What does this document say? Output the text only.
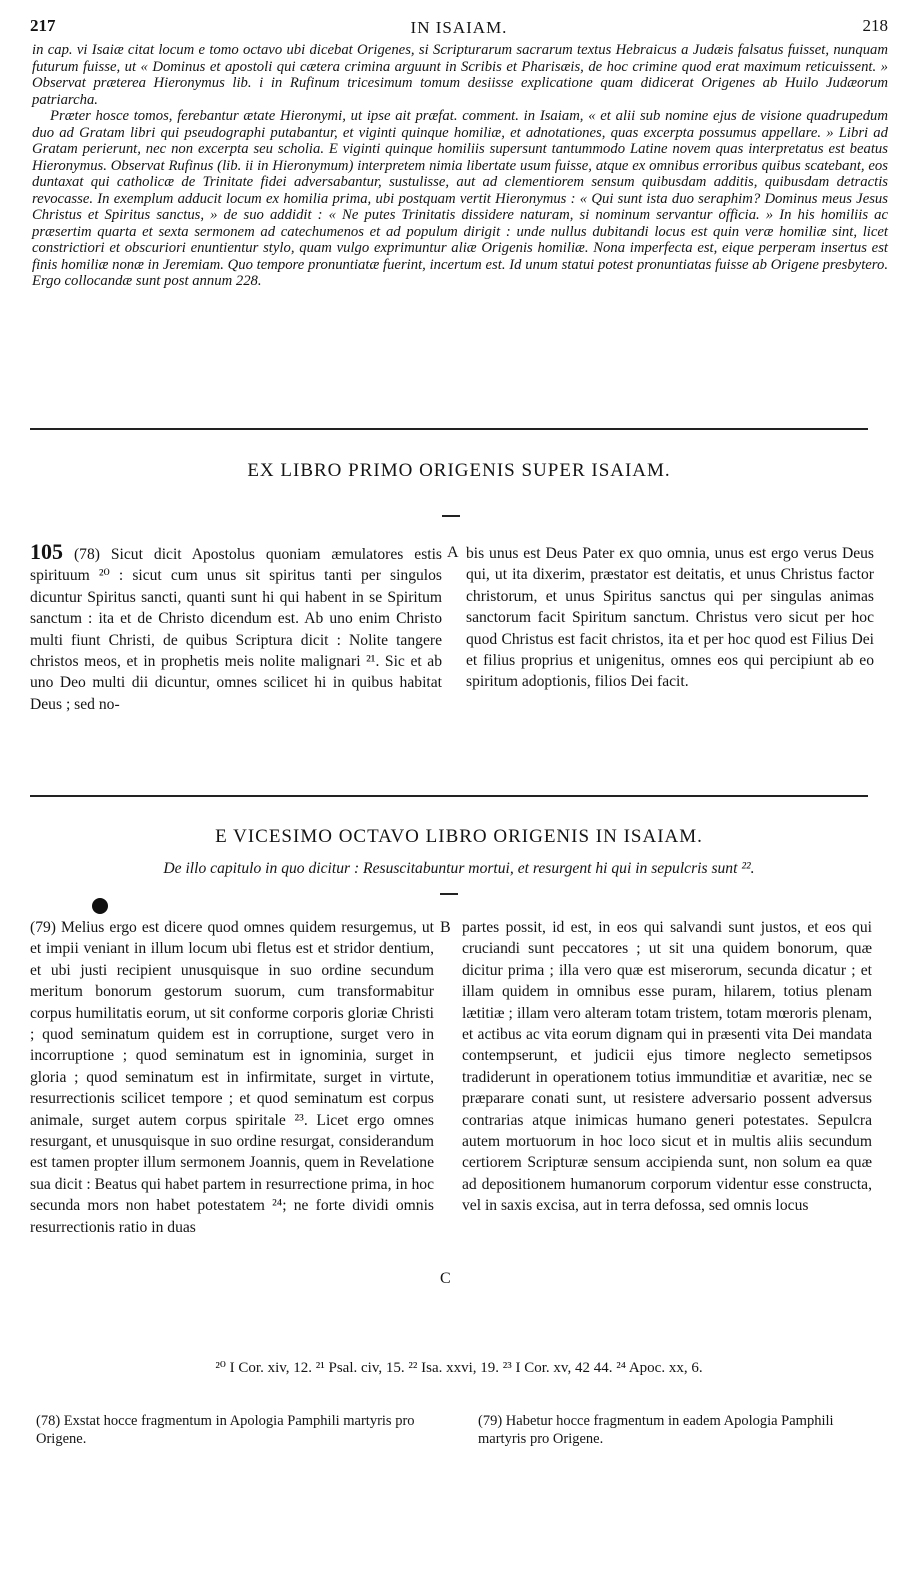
217	IN ISAIAM.	218

in cap. vi Isaiæ citat locum e tomo octavo ubi dicebat Origenes, si Scripturarum sacrarum textus Hebraicus a Judæis falsatus fuisset, nunquam futurum fuisse, ut « Dominus et apostoli qui cætera crimina arguunt in Scribis et Pharisæis, de hoc crimine quod erat maximum reticuissent. » Observat præterea Hieronymus lib. i in Rufinum tricesimum tomum desiisse explicatione quam didicerat Origenes ab Huilo Judæorum patriarcha.

Præter hosce tomos, ferebantur ætate Hieronymi, ut ipse ait præfat. comment. in Isaiam, « et alii sub nomine ejus de visione quadrupedum duo ad Gratam libri qui pseudographi putabantur, et viginti quinque homiliæ, et adnotationes, quas excerpta possumus appellare. » Libri ad Gratam perierunt, nec non excerpta seu scholia. E viginti quinque homiliis supersunt tantummodo Latine novem quas interpretatus est beatus Hieronymus. Observat Rufinus (lib. ii in Hieronymum) interpretem nimia libertate usum fuisse, atque ex omnibus erroribus quibus scatebant, eos duntaxat qui catholicæ de Trinitate fidei adversabantur, sustulisse, aut ad clementiorem sensum quibusdam additis, quibusdam detractis revocasse. In exemplum adducit locum ex homilia prima, ubi postquam vertit Hieronymus : « Qui sunt ista duo seraphim? Dominus meus Jesus Christus et Spiritus sanctus, » de suo addidit : « Ne putes Trinitatis dissidere naturam, si nominum servantur officia. » In his homiliis ac præsertim quarta et sexta sermonem ad catechumenos et ad populum dirigit : unde nullus dubitandi locus est quin veræ homiliæ sint, licet constrictiori et obscuriori enuntientur stylo, quam vulgo exprimuntur aliæ Origenis homiliæ. Nona imperfecta est, eique perperam insertus est finis homiliæ nonæ in Jeremiam. Quo tempore pronuntiatæ fuerint, incertum est. Id unum statui potest pronuntiatas fuisse ab Origene presbytero. Ergo collocandæ sunt post annum 228.

EX LIBRO PRIMO ORIGENIS SUPER ISAIAM.

105 (78) Sicut dicit Apostolus quoniam æmulatores estis spirituum ²⁰ : sicut cum unus sit spiritus tanti per singulos dicuntur Spiritus sancti, quanti sunt hi qui habent in se Spiritum sanctum : ita et de Christo dicendum est. Ab uno enim Christo multi fiunt Christi, de quibus Scriptura dicit : Nolite tangere christos meos, et in prophetis meis nolite malignari ²¹. Sic et ab uno Deo multi dii dicuntur, omnes scilicet hi in quibus habitat Deus ; sed no-

A bis unus est Deus Pater ex quo omnia, unus est ergo verus Deus qui, ut ita dixerim, præstator est deitatis, et unus Christus factor christorum, et unus Spiritus sanctus qui per singulas animas sanctorum facit Spiritum sanctum. Christus vero sicut per hoc quod Christus est facit christos, ita et per hoc quod est Filius Dei et filius proprius et unigenitus, omnes eos qui percipiunt ab eo spiritum adoptionis, filios Dei facit.

E VICESIMO OCTAVO LIBRO ORIGENIS IN ISAIAM.
De illo capitulo in quo dicitur : Resuscitabuntur mortui, et resurgent hi qui in sepulcris sunt ²².

(79) Melius ergo est dicere quod omnes quidem resurgemus, ut et impii veniant in illum locum ubi fletus est et stridor dentium, et ubi justi recipient unusquisque in suo ordine secundum meritum bonorum gestorum suorum, cum transformabitur corpus humilitatis eorum, ut sit conforme corporis gloriæ Christi ; quod seminatum quidem est in corruptione, surget vero in incorruptione ; quod seminatum est in ignominia, surget in gloria ; quod seminatum est in infirmitate, surget in virtute, resurrectionis scilicet tempore ; et quod seminatum est corpus animale, surget autem corpus spiritale ²³. Licet ergo omnes resurgant, et unusquisque in suo ordine resurgat, considerandum est tamen propter illum sermonem Joannis, quem in Revelatione sua dicit : Beatus qui habet partem in resurrectione prima, in hoc secunda mors non habet potestatem ²⁴; ne forte dividi omnis resurrectionis ratio in duas

B
C

partes possit, id est, in eos qui salvandi sunt justos, et eos qui cruciandi sunt peccatores ; ut sit una quidem bonorum, quæ dicitur prima ; illa vero quæ est miserorum, secunda dicatur ; et illam quidem in omnibus esse puram, hilarem, totius plenam lætitiæ ; illam vero alteram totam tristem, totam mœroris plenam, et actibus ac vita eorum dignam qui in præsenti vita Dei mandata contempserunt, et judicii ejus timore neglecto semetipsos tradiderunt in operationem totius immunditiæ et avaritiæ, nec se præparare conati sunt, ut resistere adversario possent adversus contrarias atque inimicas humano generi potestates. Sepulcra autem mortuorum in hoc loco sicut et in multis aliis secundum certiorem Scripturæ sensum accipienda sunt, non solum ea quæ ad depositionem humanorum corporum videntur esse constructa, vel in saxis excisa, aut in terra defossa, sed omnis locus

²⁰ I Cor. xiv, 12. ²¹ Psal. civ, 15. ²² Isa. xxvi, 19. ²³ I Cor. xv, 42 44. ²⁴ Apoc. xx, 6.
(78) Exstat hocce fragmentum in Apologia Pamphili martyris pro Origene.
(79) Habetur hocce fragmentum in eadem Apologia Pamphili martyris pro Origene.
